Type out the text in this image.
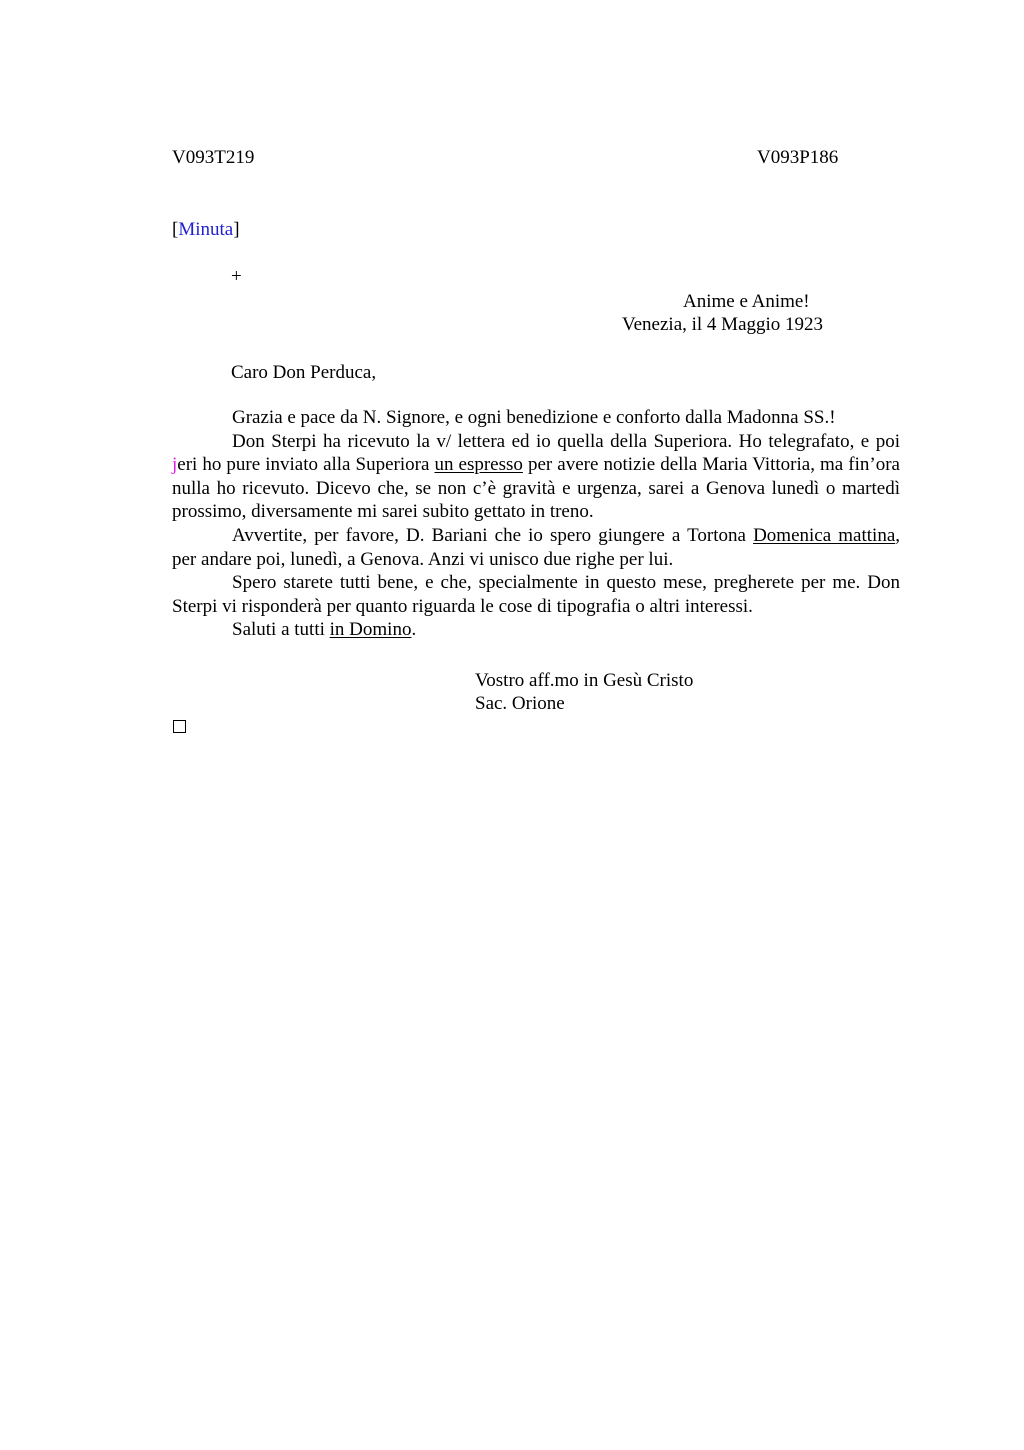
V093T219	V093P186
[Minuta]
+
Anime e Anime!
Venezia, il 4 Maggio 1923
Caro Don Perduca,
Grazia e pace da N. Signore, e ogni benedizione e conforto dalla Madonna SS.!
Don Sterpi ha ricevuto la v/ lettera ed io quella della Superiora. Ho telegrafato, e poi jeri ho pure inviato alla Superiora un espresso per avere notizie della Maria Vittoria, ma fin’ora nulla ho ricevuto. Dicevo che, se non c’è gravità e urgenza, sarei a Genova lunedì o martedì prossimo, diversamente mi sarei subito gettato in treno.
Avvertite, per favore, D. Bariani che io spero giungere a Tortona Domenica mattina, per andare poi, lunedì, a Genova. Anzi vi unisco due righe per lui.
Spero starete tutti bene, e che, specialmente in questo mese, pregherete per me. Don Sterpi vi risponderà per quanto riguarda le cose di tipografia o altri interessi.
Saluti a tutti in Domino.
Vostro aff.mo in Gesù Cristo
Sac. Orione
